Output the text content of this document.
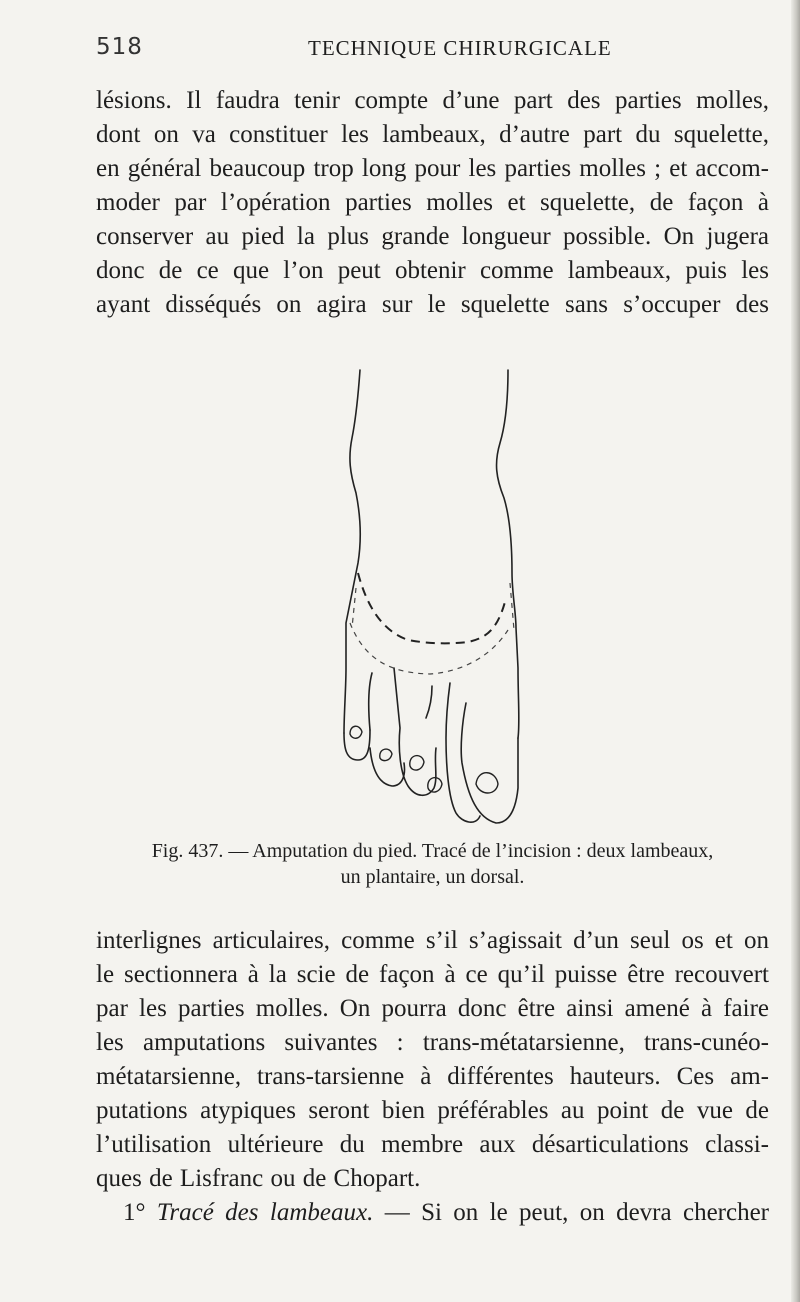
518	TECHNIQUE CHIRURGICALE
lésions. Il faudra tenir compte d’une part des parties molles,
dont on va constituer les lambeaux, d’autre part du squelette,
en général beaucoup trop long pour les parties molles ; et accom-
moder par l’opération parties molles et squelette, de façon à
conserver au pied la plus grande longueur possible. On jugera
donc de ce que l’on peut obtenir comme lambeaux, puis les
ayant disséqués on agira sur le squelette sans s’occuper des
Fig. 437. — Amputation du pied. Tracé de l’incision : deux lambeaux,
un plantaire, un dorsal.
interlignes articulaires, comme s’il s’agissait d’un seul os et on
le sectionnera à la scie de façon à ce qu’il puisse être recouvert
par les parties molles. On pourra donc être ainsi amené à faire
les amputations suivantes : trans-métatarsienne, trans-cunéo-
métatarsienne, trans-tarsienne à différentes hauteurs. Ces am-
putations atypiques seront bien préférables au point de vue de
l’utilisation ultérieure du membre aux désarticulations classi-
ques de Lisfranc ou de Chopart.
1° Tracé des lambeaux. — Si on le peut, on devra chercher
